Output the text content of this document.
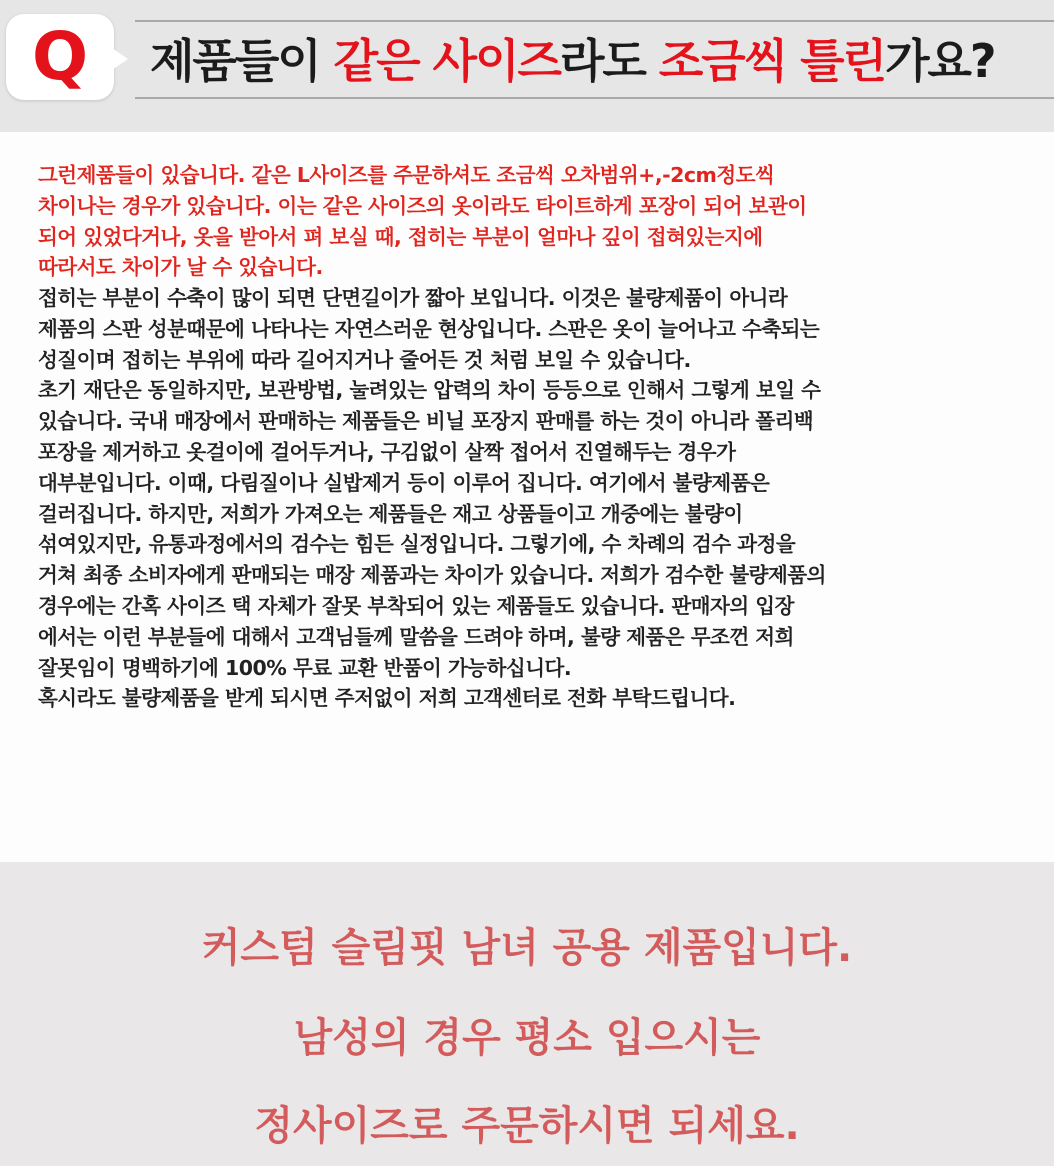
Q	제품들이 같은 사이즈라도 조금씩 틀린가요?

그런제품들이 있습니다. 같은 L사이즈를 주문하셔도 조금씩 오차범위+,-2cm정도씩
차이나는 경우가 있습니다. 이는 같은 사이즈의 옷이라도 타이트하게 포장이 되어 보관이
되어 있었다거나, 옷을 받아서 펴 보실 때, 접히는 부분이 얼마나 깊이 접혀있는지에
따라서도 차이가 날 수 있습니다.

접히는 부분이 수축이 많이 되면 단면길이가 짧아 보입니다. 이것은 불량제품이 아니라
제품의 스판 성분때문에 나타나는 자연스러운 현상입니다. 스판은 옷이 늘어나고 수축되는
성질이며 접히는 부위에 따라 길어지거나 줄어든 것 처럼 보일 수 있습니다.
초기 재단은 동일하지만, 보관방법, 눌려있는 압력의 차이 등등으로 인해서 그렇게 보일 수
있습니다. 국내 매장에서 판매하는 제품들은 비닐 포장지 판매를 하는 것이 아니라 폴리백
포장을 제거하고 옷걸이에 걸어두거나, 구김없이 살짝 접어서 진열해두는 경우가
대부분입니다. 이때, 다림질이나 실밥제거 등이 이루어 집니다. 여기에서 불량제품은
걸러집니다. 하지만, 저희가 가져오는 제품들은 재고 상품들이고 개중에는 불량이
섞여있지만, 유통과정에서의 검수는 힘든 실정입니다. 그렇기에, 수 차례의 검수 과정을
거쳐 최종 소비자에게 판매되는 매장 제품과는 차이가 있습니다. 저희가 검수한 불량제품의
경우에는 간혹 사이즈 택 자체가 잘못 부착되어 있는 제품들도 있습니다. 판매자의 입장
에서는 이런 부분들에 대해서 고객님들께 말씀을 드려야 하며, 불량 제품은 무조껀 저희
잘못임이 명백하기에 100% 무료 교환 반품이 가능하십니다.
혹시라도 불량제품을 받게 되시면 주저없이 저희 고객센터로 전화 부탁드립니다.

커스텀 슬림핏 남녀 공용 제품입니다.
남성의 경우 평소 입으시는
정사이즈로 주문하시면 되세요.
